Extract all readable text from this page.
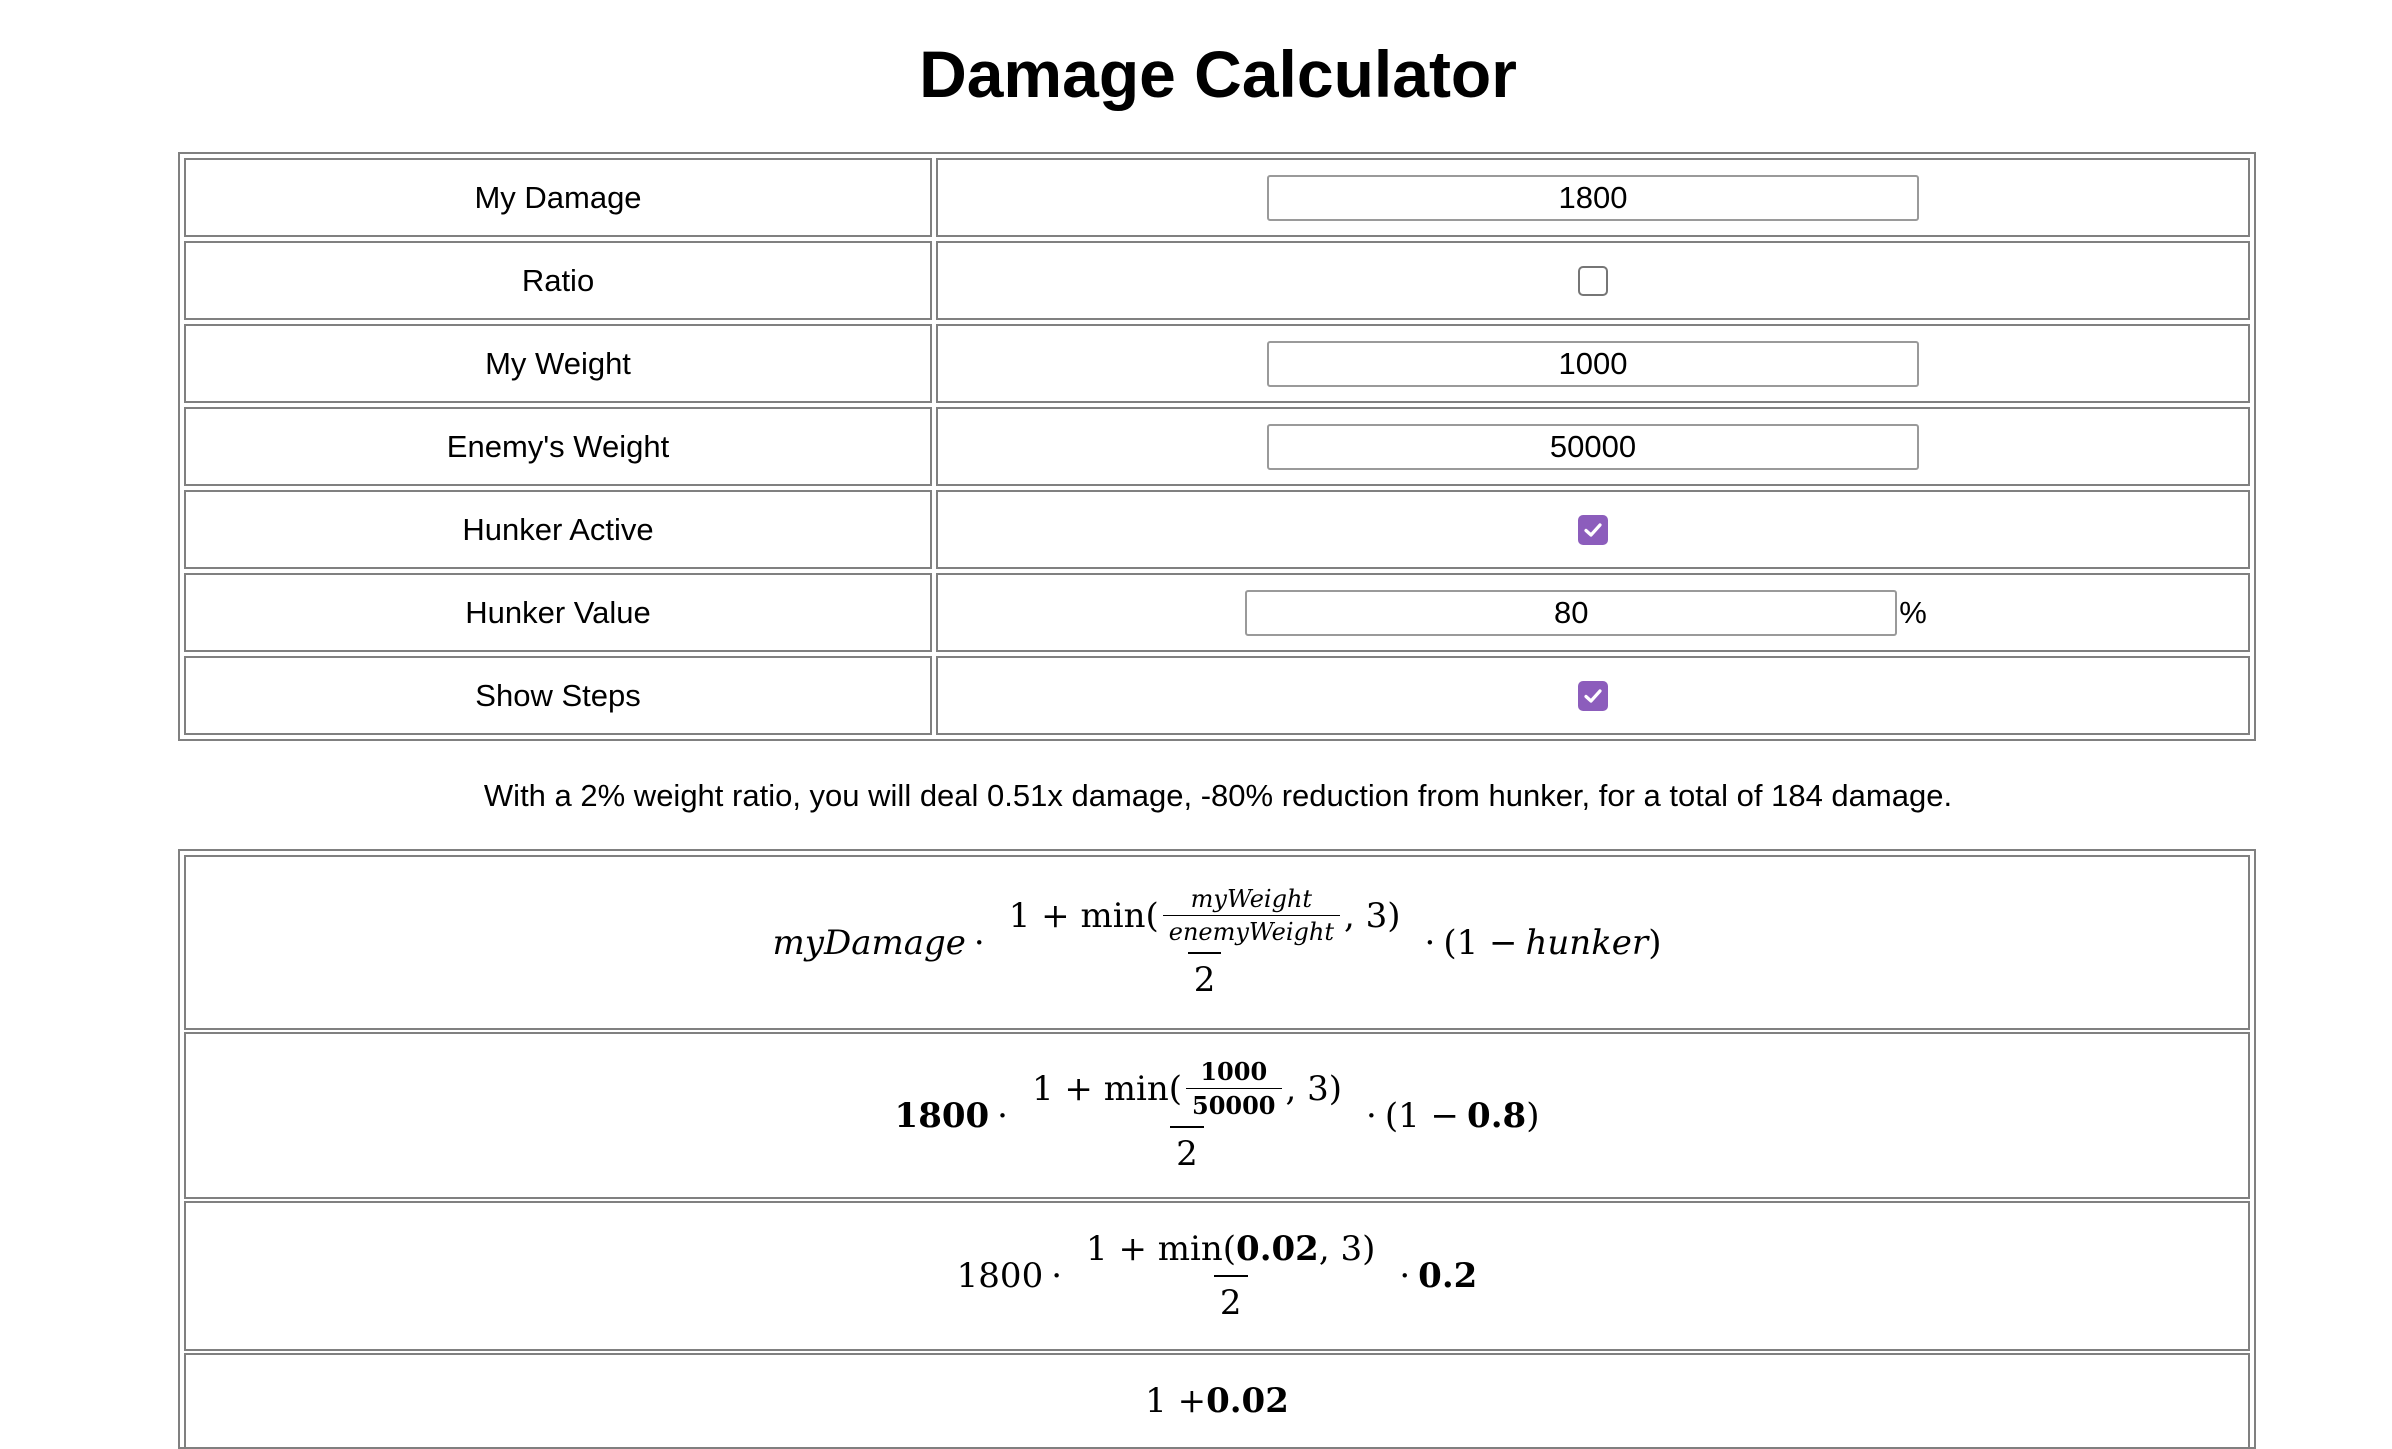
Damage Calculator
My Damage
1800
Ratio
My Weight
1000
Enemy's Weight
50000
Hunker Active
Hunker Value
80	%
Show Steps
With a 2% weight ratio, you will deal 0.51x damage, -80% reduction from hunker, for a total of 184 damage.
myDamage ·
$1 + \min( \frac{\text{myWeight}}{\text{enemyWeight}}$ , 3)
2
· (1 − hunker )
1800 ·
$1 + \min( \frac{1000}{50000}$ , 3)
2
· (1 − 0.8 )
$1800 \cdot \frac{1 + \min( 0.02 , 3)}{2} \cdot 0.2$
1 + 0.02
